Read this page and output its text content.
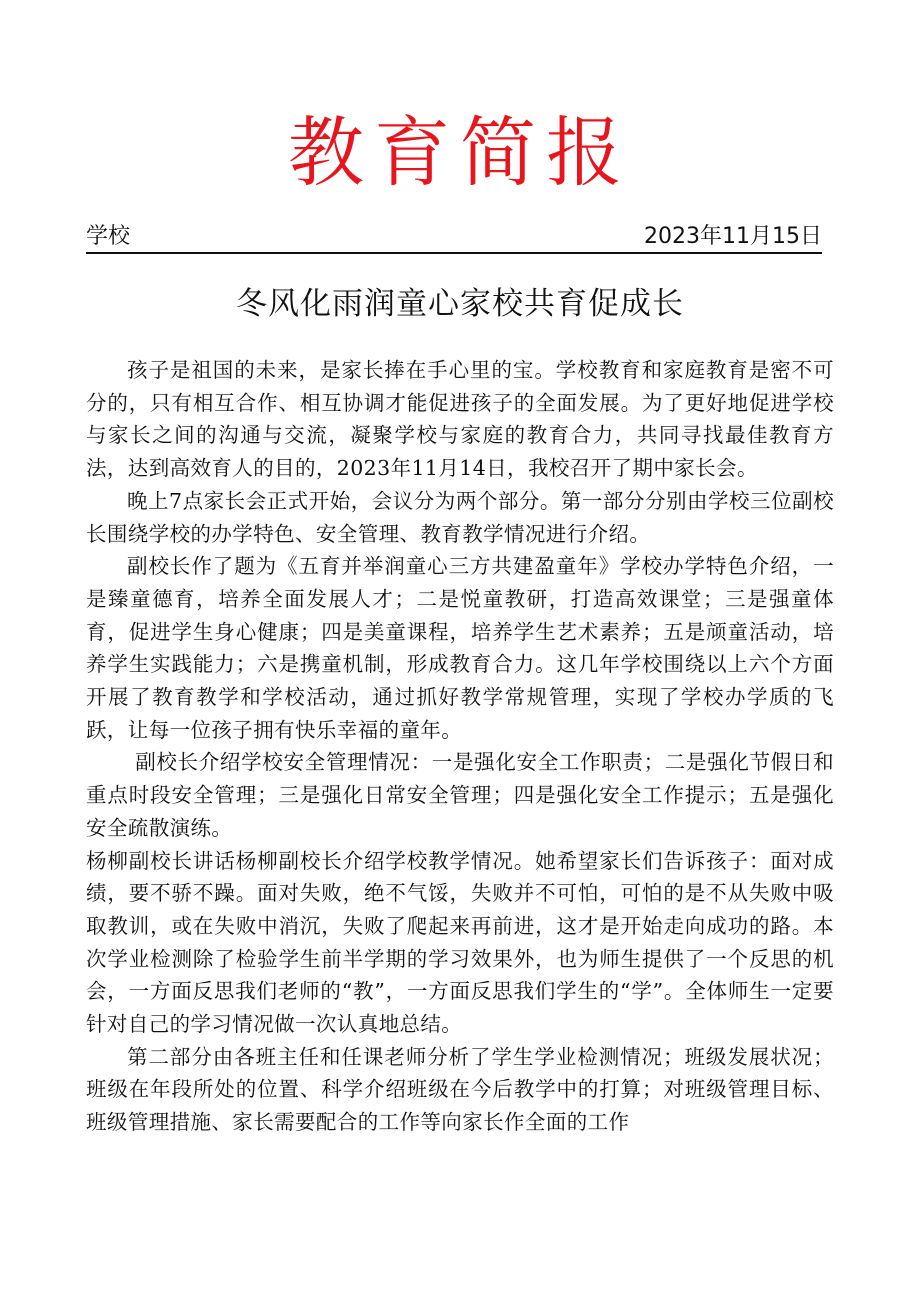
教育简报
学校	2023年11月15日
冬风化雨润童心家校共育促成长

孩子是祖国的未来，是家长捧在手心里的宝。学校教育和家庭教育是密不可分的，只有相互合作、相互协调才能促进孩子的全面发展。为了更好地促进学校与家长之间的沟通与交流，凝聚学校与家庭的教育合力，共同寻找最佳教育方法，达到高效育人的目的，2023年11月14日，我校召开了期中家长会。

晚上7点家长会正式开始，会议分为两个部分。第一部分分别由学校三位副校长围绕学校的办学特色、安全管理、教育教学情况进行介绍。

副校长作了题为《五育并举润童心三方共建盈童年》学校办学特色介绍，一是臻童德育，培养全面发展人才；二是悦童教研，打造高效课堂；三是强童体育，促进学生身心健康；四是美童课程，培养学生艺术素养；五是颃童活动，培养学生实践能力；六是携童机制，形成教育合力。这几年学校围绕以上六个方面开展了教育教学和学校活动，通过抓好教学常规管理，实现了学校办学质的飞跃，让每一位孩子拥有快乐幸福的童年。

副校长介绍学校安全管理情况：一是强化安全工作职责；二是强化节假日和重点时段安全管理；三是强化日常安全管理；四是强化安全工作提示；五是强化安全疏散演练。

杨柳副校长讲话杨柳副校长介绍学校教学情况。她希望家长们告诉孩子：面对成绩，要不骄不躁。面对失败，绝不气馁，失败并不可怕，可怕的是不从失败中吸取教训，或在失败中消沉，失败了爬起来再前进，这才是开始走向成功的路。本次学业检测除了检验学生前半学期的学习效果外，也为师生提供了一个反思的机会，一方面反思我们老师的“教”，一方面反思我们学生的“学”。全体师生一定要针对自己的学习情况做一次认真地总结。

第二部分由各班主任和任课老师分析了学生学业检测情况；班级发展状况；班级在年段所处的位置、科学介绍班级在今后教学中的打算；对班级管理目标、班级管理措施、家长需要配合的工作等向家长作全面的工作
